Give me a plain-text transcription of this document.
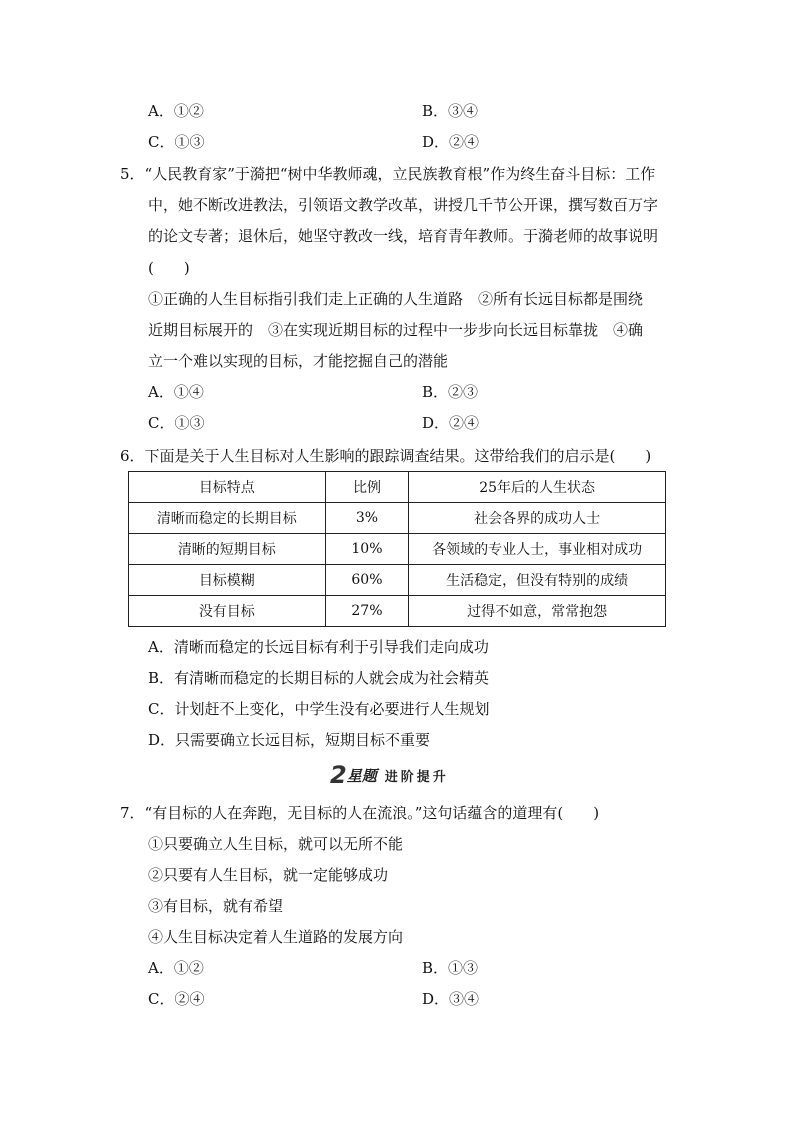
A．①②	B．③④
C．①③	D．②④
5．“人民教育家”于漪把“树中华教师魂，立民族教育根”作为终生奋斗目标：工作
中，她不断改进教法，引领语文教学改革，讲授几千节公开课，撰写数百万字
的论文专著；退休后，她坚守教改一线，培育青年教师。于漪老师的故事说明
(　　)
①正确的人生目标指引我们走上正确的人生道路　②所有长远目标都是围绕
近期目标展开的　③在实现近期目标的过程中一步步向长远目标靠拢　④确
立一个难以实现的目标，才能挖掘自己的潜能
A．①④	B．②③
C．①③	D．②④
6．下面是关于人生目标对人生影响的跟踪调查结果。这带给我们的启示是(　　)
目标特点	比例	25年后的人生状态
清晰而稳定的长期目标	3%	社会各界的成功人士
清晰的短期目标	10%	各领域的专业人士，事业相对成功
目标模糊	60%	生活稳定，但没有特别的成绩
没有目标	27%	过得不如意，常常抱怨
A．清晰而稳定的长远目标有利于引导我们走向成功
B．有清晰而稳定的长期目标的人就会成为社会精英
C．计划赶不上变化，中学生没有必要进行人生规划
D．只需要确立长远目标，短期目标不重要
2 星题 进阶提升
7．“有目标的人在奔跑，无目标的人在流浪。”这句话蕴含的道理有(　　)
①只要确立人生目标，就可以无所不能
②只要有人生目标，就一定能够成功
③有目标，就有希望
④人生目标决定着人生道路的发展方向
A．①②	B．①③
C．②④	D．③④
